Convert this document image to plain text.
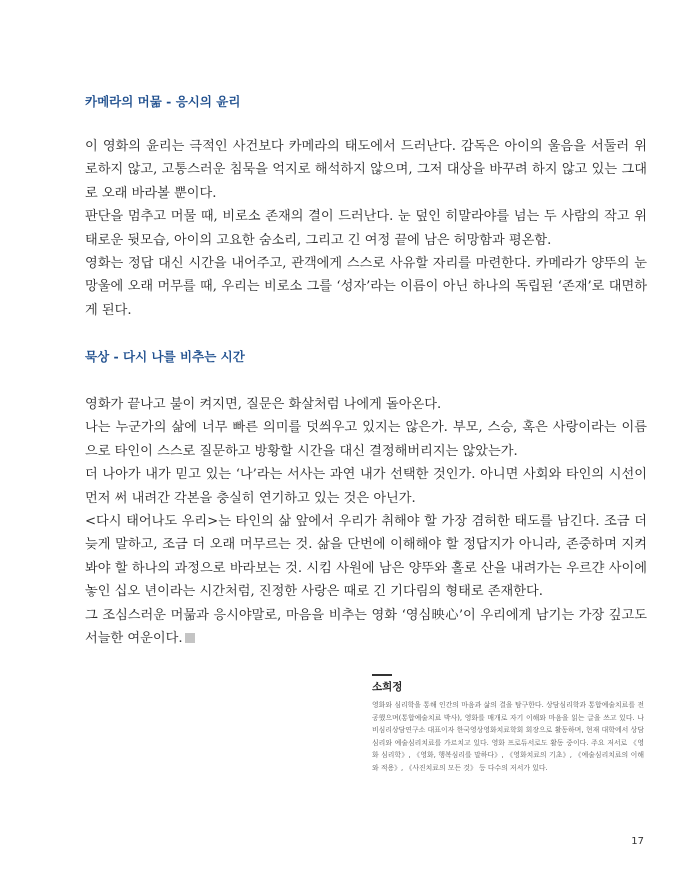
카메라의 머묾 - 응시의 윤리

이 영화의 윤리는 극적인 사건보다 카메라의 태도에서 드러난다. 감독은 아이의 울음을 서둘러 위로하지 않고, 고통스러운 침묵을 억지로 해석하지 않으며, 그저 대상을 바꾸려 하지 않고 있는 그대로 오래 바라볼 뿐이다.

판단을 멈추고 머물 때, 비로소 존재의 결이 드러난다. 눈 덮인 히말라야를 넘는 두 사람의 작고 위태로운 뒷모습, 아이의 고요한 숨소리, 그리고 긴 여정 끝에 남은 허망함과 평온함.

영화는 정답 대신 시간을 내어주고, 관객에게 스스로 사유할 자리를 마련한다. 카메라가 양뚜의 눈망울에 오래 머무를 때, 우리는 비로소 그를 ‘성자’라는 이름이 아닌 하나의 독립된 ‘존재’로 대면하게 된다.

묵상 - 다시 나를 비추는 시간

영화가 끝나고 불이 켜지면, 질문은 화살처럼 나에게 돌아온다.

나는 누군가의 삶에 너무 빠른 의미를 덧씌우고 있지는 않은가. 부모, 스승, 혹은 사랑이라는 이름으로 타인이 스스로 질문하고 방황할 시간을 대신 결정해버리지는 않았는가.

더 나아가 내가 믿고 있는 ‘나’라는 서사는 과연 내가 선택한 것인가. 아니면 사회와 타인의 시선이 먼저 써 내려간 각본을 충실히 연기하고 있는 것은 아닌가.

<다시 태어나도 우리>는 타인의 삶 앞에서 우리가 취해야 할 가장 겸허한 태도를 남긴다. 조금 더 늦게 말하고, 조금 더 오래 머무르는 것. 삶을 단번에 이해해야 할 정답지가 아니라, 존중하며 지켜봐야 할 하나의 과정으로 바라보는 것. 시킴 사원에 남은 양뚜와 홀로 산을 내려가는 우르갼 사이에 놓인 십오 년이라는 시간처럼, 진정한 사랑은 때로 긴 기다림의 형태로 존재한다.

그 조심스러운 머묾과 응시야말로, 마음을 비추는 영화 ‘영심映心’이 우리에게 남기는 가장 깊고도 서늘한 여운이다.

소희정

영화와 심리학을 통해 인간의 마음과 삶의 결을 탐구한다. 상담심리학과 통합예술치료를 전공했으며(통합예술치료 박사), 영화를 매개로 자기 이해와 마음을 읽는 글을 쓰고 있다. 나비심리상담연구소 대표이자 한국영상영화치료학회 회장으로 활동하며, 현재 대학에서 상담심리와 예술심리치료를 가르치고 있다. 영화 프로듀서로도 활동 중이다. 주요 저서로 《영화 심리학》, 《영화, 행복심리를 말하다》, 《영화치료의 기초》, 《예술심리치료의 이해와 적용》, 《사진치료의 모든 것》 등 다수의 저서가 있다.

17
